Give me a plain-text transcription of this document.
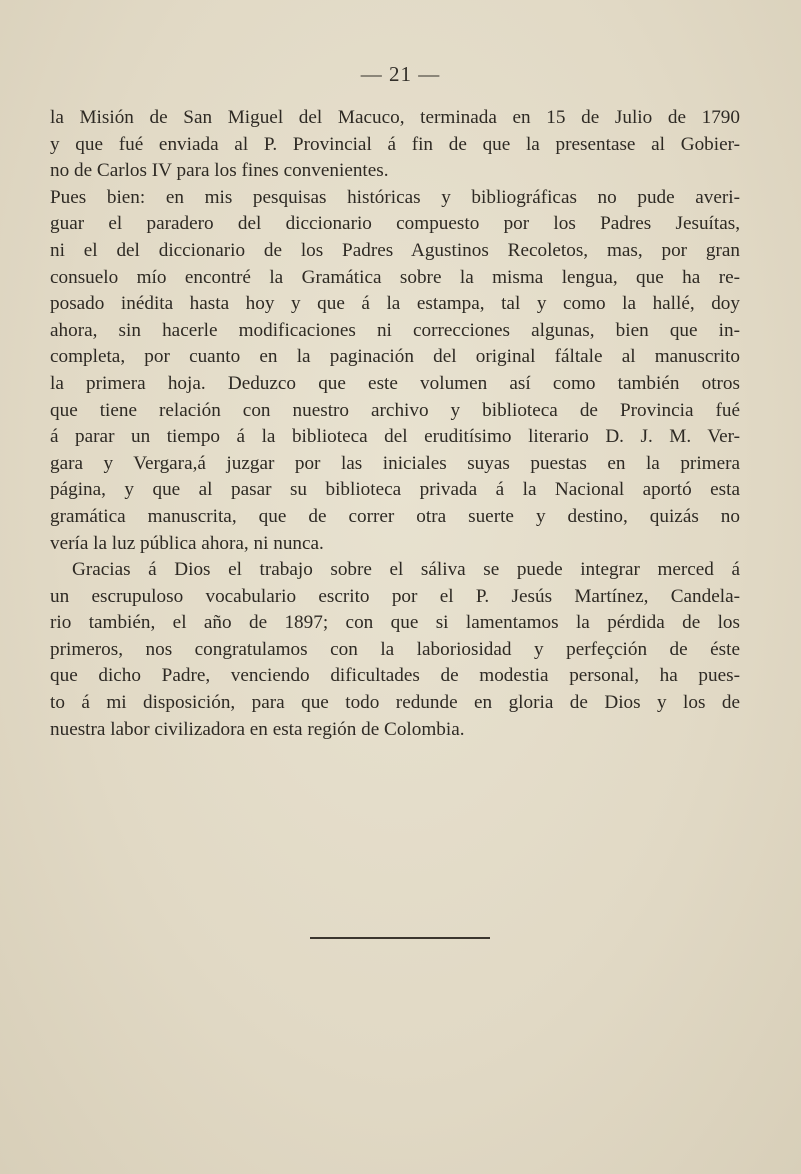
— 21 —
la Misión de San Miguel del Macuco, terminada en 15 de Julio de 1790
y que fué enviada al P. Provincial á fin de que la presentase al Gobier-
no de Carlos IV para los fines convenientes.
Pues bien: en mis pesquisas históricas y bibliográficas no pude averi-
guar el paradero del diccionario compuesto por los Padres Jesuítas,
ni el del diccionario de los Padres Agustinos Recoletos, mas, por gran
consuelo mío encontré la Gramática sobre la misma lengua, que ha re-
posado inédita hasta hoy y que á la estampa, tal y como la hallé, doy
ahora, sin hacerle modificaciones ni correcciones algunas, bien que in-
completa, por cuanto en la paginación del original fáltale al manuscrito
la primera hoja. Deduzco que este volumen así como también otros
que tiene relación con nuestro archivo y biblioteca de Provincia fué
á parar un tiempo á la biblioteca del eruditísimo literario D. J. M. Ver-
gara y Vergara,á juzgar por las iniciales suyas puestas en la primera
página, y que al pasar su biblioteca privada á la Nacional aportó esta
gramática manuscrita, que de correr otra suerte y destino, quizás no
vería la luz pública ahora, ni nunca.
Gracias á Dios el trabajo sobre el sáliva se puede integrar merced á
un escrupuloso vocabulario escrito por el P. Jesús Martínez, Candela-
rio también, el año de 1897; con que si lamentamos la pérdida de los
primeros, nos congratulamos con la laboriosidad y perfeçción de éste
que dicho Padre, venciendo dificultades de modestia personal, ha pues-
to á mi disposición, para que todo redunde en gloria de Dios y los de
nuestra labor civilizadora en esta región de Colombia.
